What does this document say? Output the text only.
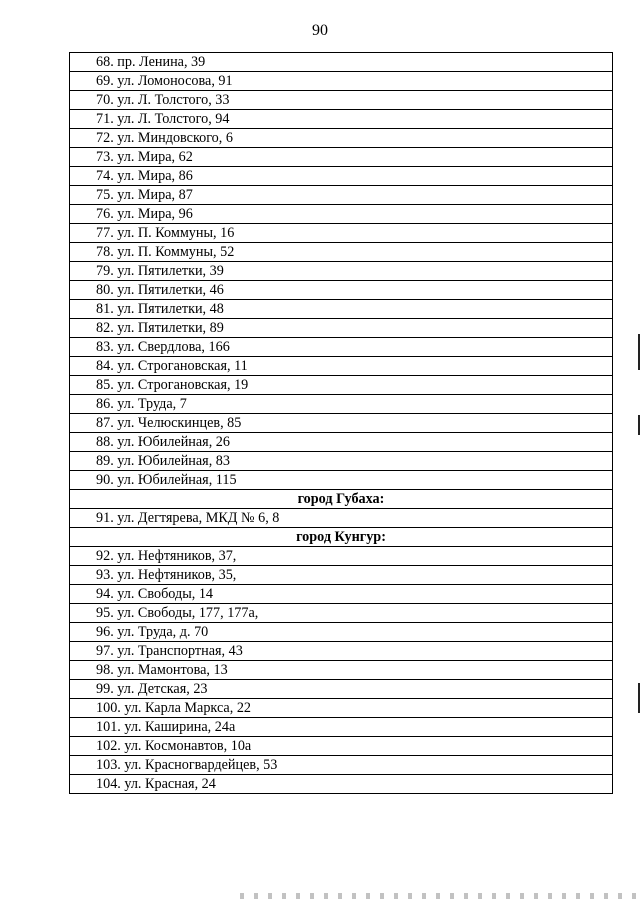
90
68. пр. Ленина, 39
69. ул. Ломоносова, 91
70. ул. Л. Толстого, 33
71. ул. Л. Толстого, 94
72. ул. Миндовского, 6
73. ул. Мира, 62
74. ул. Мира, 86
75. ул. Мира, 87
76. ул. Мира, 96
77. ул. П. Коммуны, 16
78. ул. П. Коммуны, 52
79. ул. Пятилетки, 39
80. ул. Пятилетки, 46
81. ул. Пятилетки, 48
82. ул. Пятилетки, 89
83. ул. Свердлова, 166
84. ул. Строгановская, 11
85. ул. Строгановская, 19
86. ул. Труда, 7
87. ул. Челюскинцев, 85
88. ул. Юбилейная, 26
89. ул. Юбилейная, 83
90. ул. Юбилейная, 115
город Губаха:
91. ул. Дегтярева, МКД № 6, 8
город Кунгур:
92. ул. Нефтяников, 37,
93. ул. Нефтяников, 35,
94. ул. Свободы, 14
95. ул. Свободы, 177, 177а,
96. ул. Труда, д. 70
97. ул. Транспортная, 43
98. ул. Мамонтова, 13
99. ул. Детская, 23
100. ул. Карла Маркса, 22
101. ул. Каширина, 24а
102. ул. Космонавтов, 10а
103. ул. Красногвардейцев, 53
104. ул. Красная, 24
